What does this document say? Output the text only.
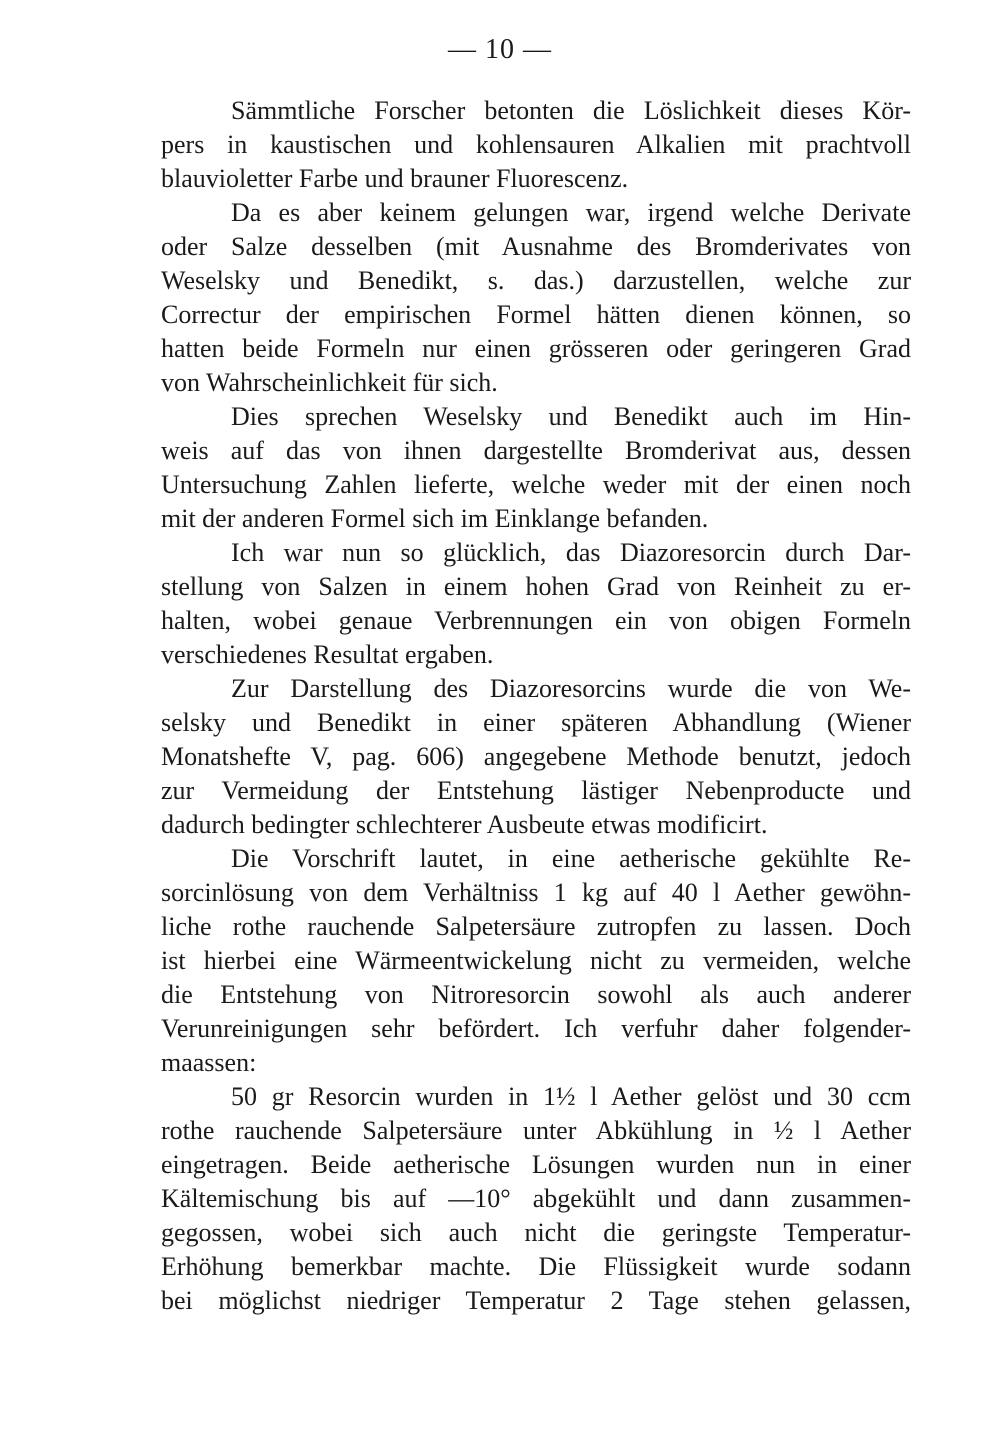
— 10 —

Sämmtliche Forscher betonten die Löslichkeit dieses Kör-
pers in kaustischen und kohlensauren Alkalien mit prachtvoll
blauvioletter Farbe und brauner Fluorescenz.

Da es aber keinem gelungen war, irgend welche Derivate
oder Salze desselben (mit Ausnahme des Bromderivates von
Weselsky und Benedikt, s. das.) darzustellen, welche zur
Correctur der empirischen Formel hätten dienen können, so
hatten beide Formeln nur einen grösseren oder geringeren Grad
von Wahrscheinlichkeit für sich.

Dies sprechen Weselsky und Benedikt auch im Hin-
weis auf das von ihnen dargestellte Bromderivat aus, dessen
Untersuchung Zahlen lieferte, welche weder mit der einen noch
mit der anderen Formel sich im Einklange befanden.

Ich war nun so glücklich, das Diazoresorcin durch Dar-
stellung von Salzen in einem hohen Grad von Reinheit zu er-
halten, wobei genaue Verbrennungen ein von obigen Formeln
verschiedenes Resultat ergaben.

Zur Darstellung des Diazoresorcins wurde die von We-
selsky und Benedikt in einer späteren Abhandlung (Wiener
Monatshefte V, pag. 606) angegebene Methode benutzt, jedoch
zur Vermeidung der Entstehung lästiger Nebenproducte und
dadurch bedingter schlechterer Ausbeute etwas modificirt.

Die Vorschrift lautet, in eine aetherische gekühlte Re-
sorcinlösung von dem Verhältniss 1 kg auf 40 l Aether gewöhn-
liche rothe rauchende Salpetersäure zutropfen zu lassen. Doch
ist hierbei eine Wärmeentwickelung nicht zu vermeiden, welche
die Entstehung von Nitroresorcin sowohl als auch anderer
Verunreinigungen sehr befördert. Ich verfuhr daher folgender-
maassen:

50 gr Resorcin wurden in 1½ l Aether gelöst und 30 ccm
rothe rauchende Salpetersäure unter Abkühlung in ½ l Aether
eingetragen. Beide aetherische Lösungen wurden nun in einer
Kältemischung bis auf —10° abgekühlt und dann zusammen-
gegossen, wobei sich auch nicht die geringste Temperatur-
Erhöhung bemerkbar machte. Die Flüssigkeit wurde sodann
bei möglichst niedriger Temperatur 2 Tage stehen gelassen,
